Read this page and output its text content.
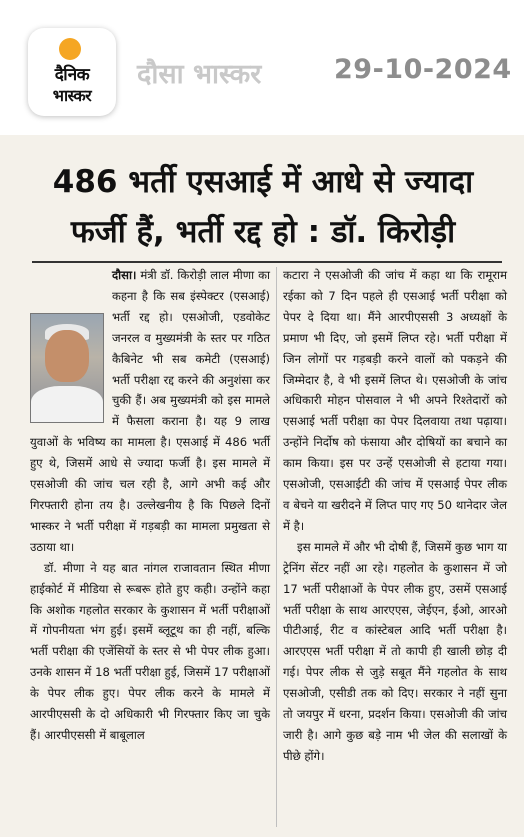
दैनिक
भास्कर
दौसा भास्कर	29-10-2024
486 भर्ती एसआई में आधे से ज्यादा
फर्जी हैं, भर्ती रद्द हो : डॉ. किरोड़ी
दौसा। मंत्री डॉ. किरोड़ी लाल मीणा का कहना है कि सब इंस्पेक्टर (एसआई) भर्ती रद्द हो। एसओजी, एडवोकेट जनरल व मुख्यमंत्री के स्तर पर गठित कैबिनेट भी सब कमेटी (एसआई) भर्ती परीक्षा रद्द करने की अनुशंसा कर चुकी हैं। अब मुख्यमंत्री को इस मामले में फैसला कराना है। यह 9 लाख युवाओं के भविष्य का मामला है। एसआई में 486 भर्ती हुए थे, जिसमें आधे से ज्यादा फर्जी है। इस मामले में एसओजी की जांच चल रही है, आगे अभी कई और गिरफ्तारी होना तय है। उल्लेखनीय है कि पिछले दिनों भास्कर ने भर्ती परीक्षा में गड़बड़ी का मामला प्रमुखता से उठाया था।
डॉ. मीणा ने यह बात नांगल राजावतान स्थित मीणा हाईकोर्ट में मीडिया से रूबरू होते हुए कही। उन्होंने कहा कि अशोक गहलोत सरकार के कुशासन में भर्ती परीक्षाओं में गोपनीयता भंग हुई। इसमें ब्लूटूथ का ही नहीं, बल्कि भर्ती परीक्षा की एजेंसियों के स्तर से भी पेपर लीक हुआ। उनके शासन में 18 भर्ती परीक्षा हुई, जिसमें 17 परीक्षाओं के पेपर लीक हुए। पेपर लीक करने के मामले में आरपीएससी के दो अधिकारी भी गिरफ्तार किए जा चुके हैं। आरपीएससी में बाबूलाल
कटारा ने एसओजी की जांच में कहा था कि रामूराम रईका को 7 दिन पहले ही एसआई भर्ती परीक्षा को पेपर दे दिया था। मैंने आरपीएससी 3 अध्यक्षों के प्रमाण भी दिए, जो इसमें लिप्त रहे। भर्ती परीक्षा में जिन लोगों पर गड़बड़ी करने वालों को पकड़ने की जिम्मेदार है, वे भी इसमें लिप्त थे। एसओजी के जांच अधिकारी मोहन पोसवाल ने भी अपने रिश्तेदारों को एसआई भर्ती परीक्षा का पेपर दिलवाया तथा पढ़ाया। उन्होंने निर्दोष को फंसाया और दोषियों का बचाने का काम किया। इस पर उन्हें एसओजी से हटाया गया। एसओजी, एसआईटी की जांच में एसआई पेपर लीक व बेचने या खरीदने में लिप्त पाए गए 50 थानेदार जेल में है।
इस मामले में और भी दोषी हैं, जिसमें कुछ भाग या ट्रेनिंग सेंटर नहीं आ रहे। गहलोत के कुशासन में जो 17 भर्ती परीक्षाओं के पेपर लीक हुए, उसमें एसआई भर्ती परीक्षा के साथ आरएएस, जेईएन, ईओ, आरओ पीटीआई, रीट व कांस्टेबल आदि भर्ती परीक्षा है। आरएएस भर्ती परीक्षा में तो कापी ही खाली छोड़ दी गई। पेपर लीक से जुड़े सबूत मैंने गहलोत के साथ एसओजी, एसीडी तक को दिए। सरकार ने नहीं सुना तो जयपुर में धरना, प्रदर्शन किया। एसओजी की जांच जारी है। आगे कुछ बड़े नाम भी जेल की सलाखों के पीछे होंगे।
